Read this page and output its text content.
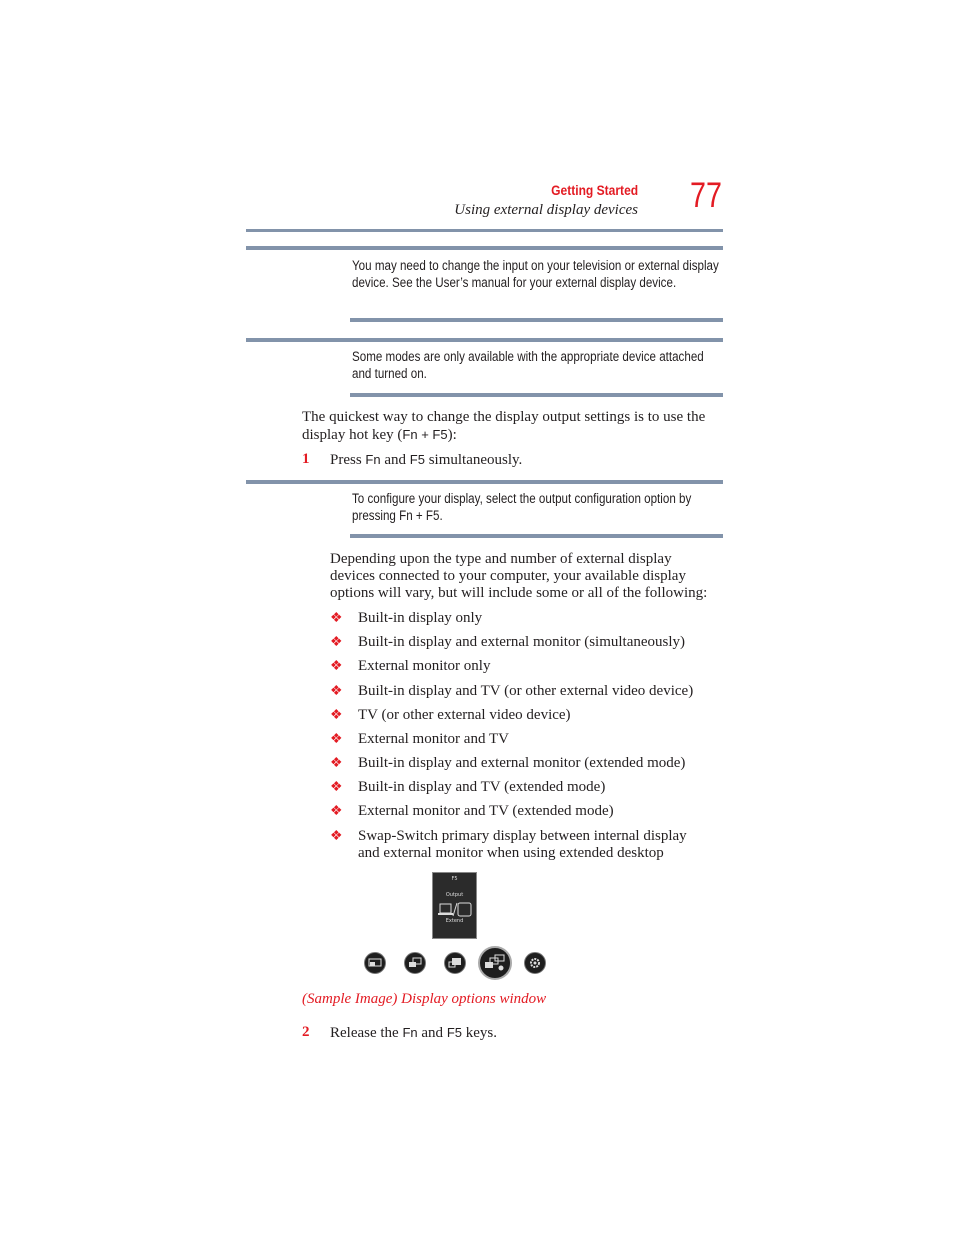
Getting Started
Using external display devices 77
You may need to change the input on your television or external display device. See the User’s manual for your external display device.
Some modes are only available with the appropriate device attached and turned on.
The quickest way to change the display output settings is to use the
display hot key (Fn + F5):
1 Press Fn and F5 simultaneously.
To configure your display, select the output configuration option by
pressing Fn + F5.
Depending upon the type and number of external display
devices connected to your computer, your available display
options will vary, but will include some or all of the following:
❖ Built-in display only
❖ Built-in display and external monitor (simultaneously)
❖ External monitor only
❖ Built-in display and TV (or other external video device)
❖ TV (or other external video device)
❖ External monitor and TV
❖ Built-in display and external monitor (extended mode)
❖ Built-in display and TV (extended mode)
❖ External monitor and TV (extended mode)
❖ Swap-Switch primary display between internal display
and external monitor when using extended desktop
F5
Output
Extend
(Sample Image) Display options window
2 Release the Fn and F5 keys.
